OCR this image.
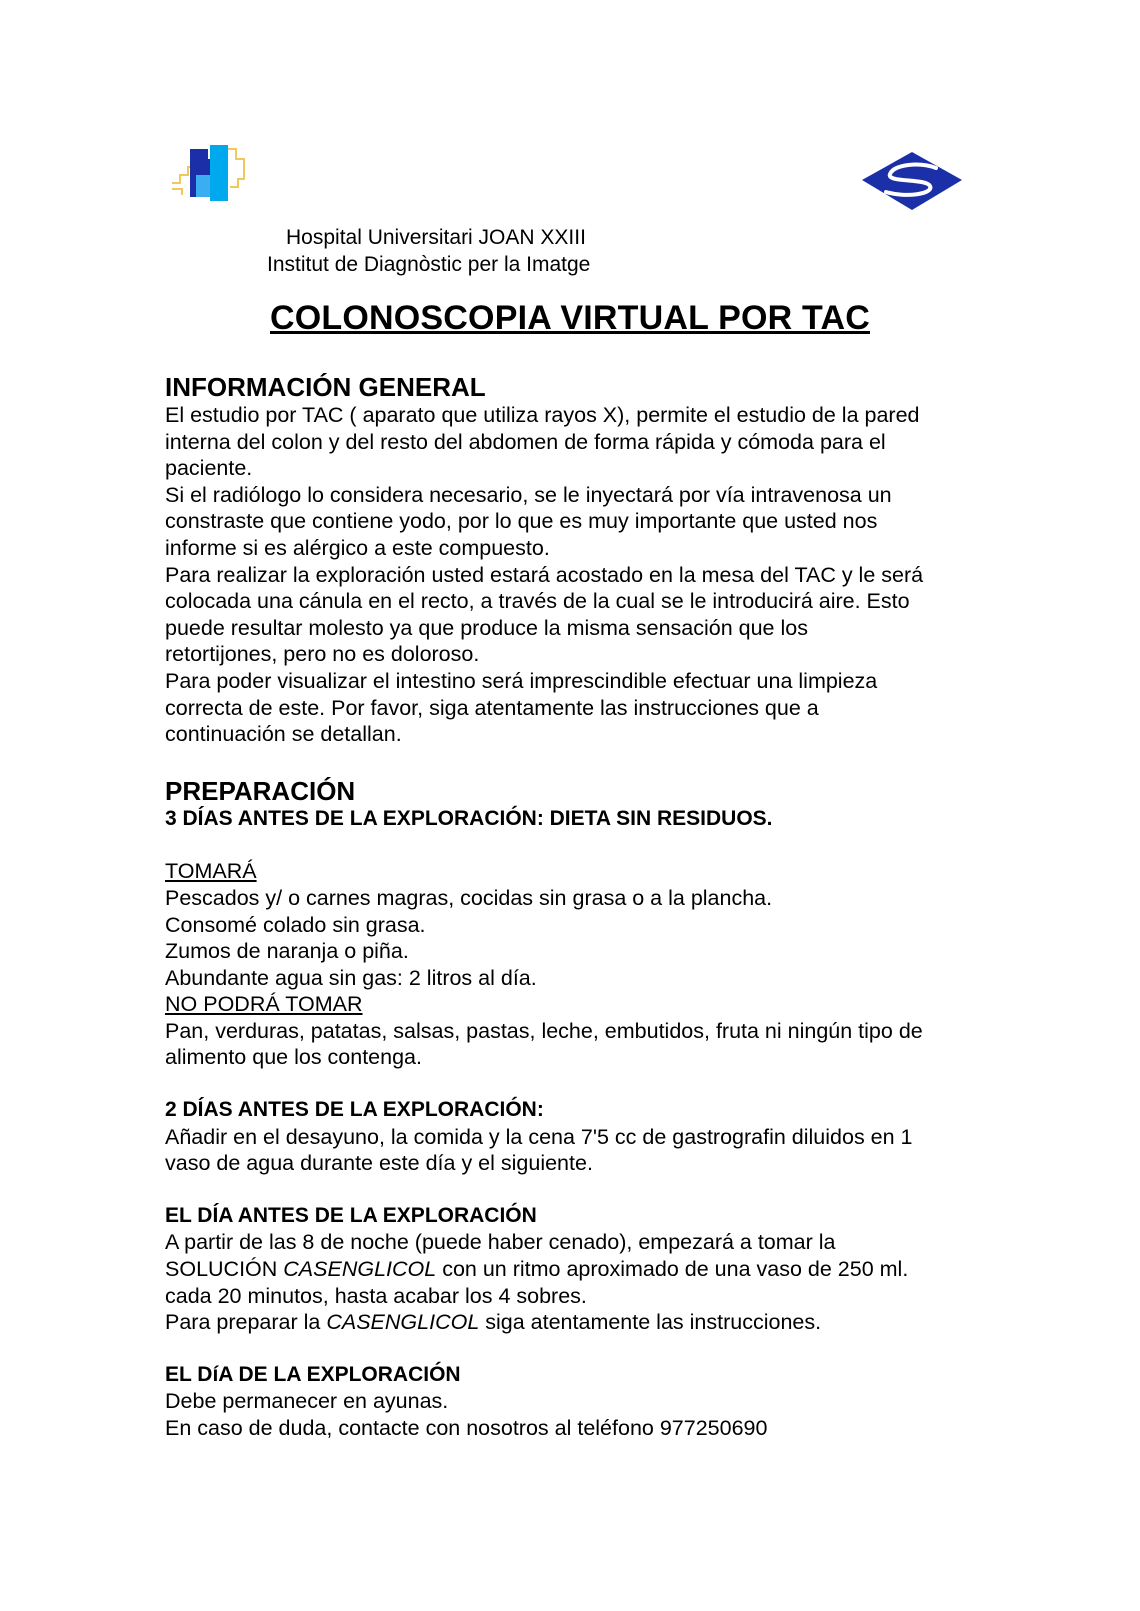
Hospital Universitari JOAN XXIII
Institut de Diagnòstic per la Imatge
COLONOSCOPIA VIRTUAL POR TAC
INFORMACIÓN GENERAL

El estudio por TAC ( aparato que utiliza rayos X), permite el estudio de la pared

interna del colon y del resto del abdomen de forma rápida y cómoda para el

paciente.

Si el radiólogo lo considera necesario, se le inyectará por vía intravenosa un

constraste que contiene yodo, por lo que es muy importante que usted nos

informe si es alérgico a este compuesto.

Para realizar la exploración usted estará acostado en la mesa del TAC y le será

colocada una cánula en el recto, a través de la cual se le introducirá aire. Esto

puede resultar molesto ya que produce la misma sensación que los

retortijones, pero no es doloroso.

Para poder visualizar el intestino será imprescindible efectuar una limpieza

correcta de este. Por favor, siga atentamente las instrucciones que a

continuación se detallan.

PREPARACIÓN
3 DÍAS ANTES DE LA EXPLORACIÓN: DIETA SIN RESIDUOS.
TOMARÁ

Pescados y/ o carnes magras, cocidas sin grasa o a la plancha.

Consomé colado sin grasa.

Zumos de naranja o piña.

Abundante agua sin gas: 2 litros al día.

NO PODRÁ TOMAR

Pan, verduras, patatas, salsas, pastas, leche, embutidos, fruta ni ningún tipo de

alimento que los contenga.

2 DÍAS ANTES DE LA EXPLORACIÓN:

Añadir en el desayuno, la comida y la cena 7'5 cc de gastrografin diluidos en 1

vaso de agua durante este día y el siguiente.

EL DÍA ANTES DE LA EXPLORACIÓN

A partir de las 8 de noche (puede haber cenado), empezará a tomar la

SOLUCIÓN CASENGLICOL con un ritmo aproximado de una vaso de 250 ml.

cada 20 minutos, hasta acabar los 4 sobres.

Para preparar la CASENGLICOL siga atentamente las instrucciones.

EL DíA DE LA EXPLORACIÓN

Debe permanecer en ayunas.

En caso de duda, contacte con nosotros al teléfono 977250690
